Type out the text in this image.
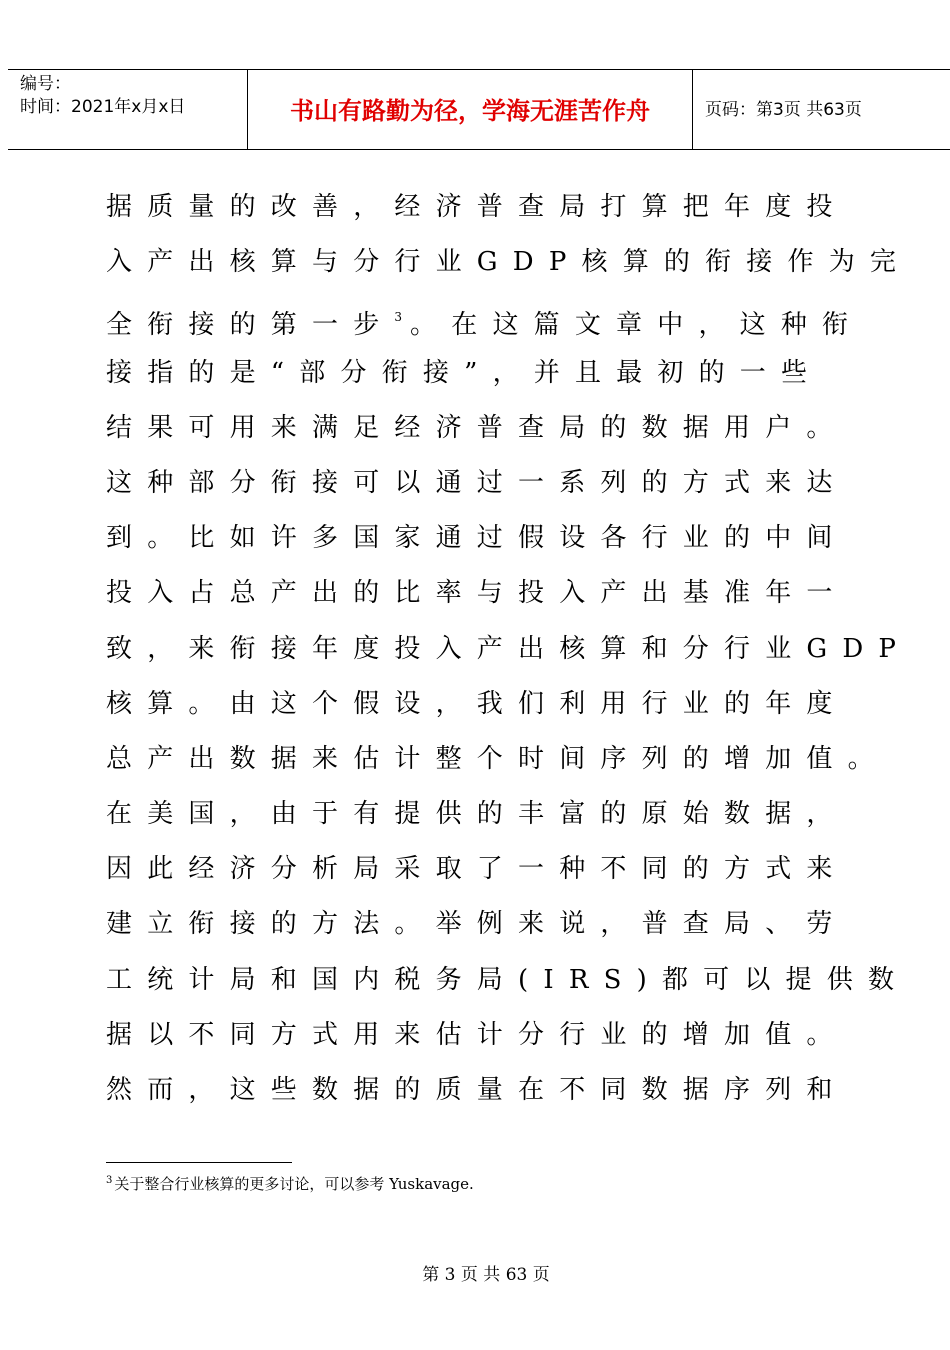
编号：
时间：2021年x月x日	书山有路勤为径，学海无涯苦作舟	页码：第3页 共63页
据质量的改善，经济普查局打算把年度投
入产出核算与分行业GDP核算的衔接作为完
全衔接的第一步$^3$ 。在这篇文章中，这种衔
接指的是“部分衔接”，并且最初的一些
结果可用来满足经济普查局的数据用户。
这种部分衔接可以通过一系列的方式来达
到。比如许多国家通过假设各行业的中间
投入占总产出的比率与投入产出基准年一
致，来衔接年度投入产出核算和分行业GDP
核算。由这个假设，我们利用行业的年度
总产出数据来估计整个时间序列的增加值。
在美国，由于有提供的丰富的原始数据，
因此经济分析局采取了一种不同的方式来
建立衔接的方法。举例来说，普查局、劳
工统计局和国内税务局(IRS)都可以提供数
据以不同方式用来估计分行业的增加值。
然而，这些数据的质量在不同数据序列和
$^3$ 关于整合行业核算的更多讨论，可以参考 Yuskavage.
第 3 页 共 63 页
